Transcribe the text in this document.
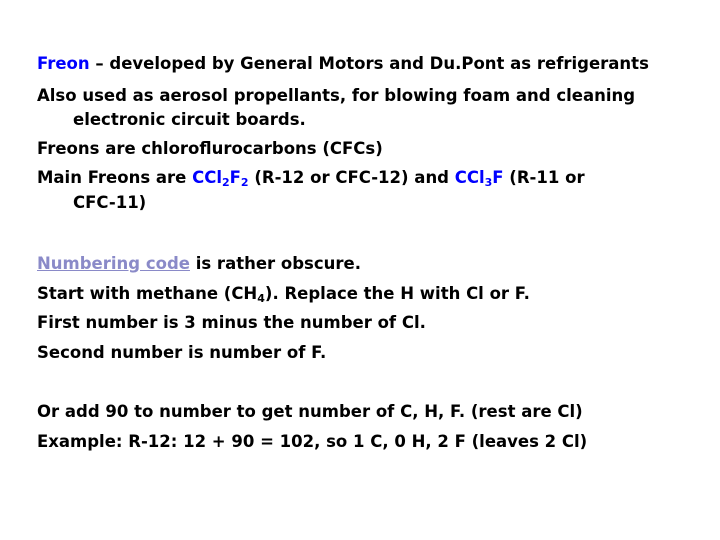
Freon – developed by General Motors and Du.Pont as refrigerants
Also used as aerosol propellants, for blowing foam and cleaning
electronic circuit boards.
Freons are chloroflurocarbons (CFCs)
Main Freons are $CCl_2F_2$ (R-12 or CFC-12) and CCl$_3$F (R-11 or
CFC-11)
Numbering code is rather obscure.
Start with methane $(CH_4)$. Replace the H with Cl or F.
First number is 3 minus the number of Cl.
Second number is number of F.
Or add 90 to number to get number of C, H, F. (rest are Cl)
Example: R-12: 12 + 90 = 102, so 1 C, 0 H, 2 F (leaves 2 Cl)
